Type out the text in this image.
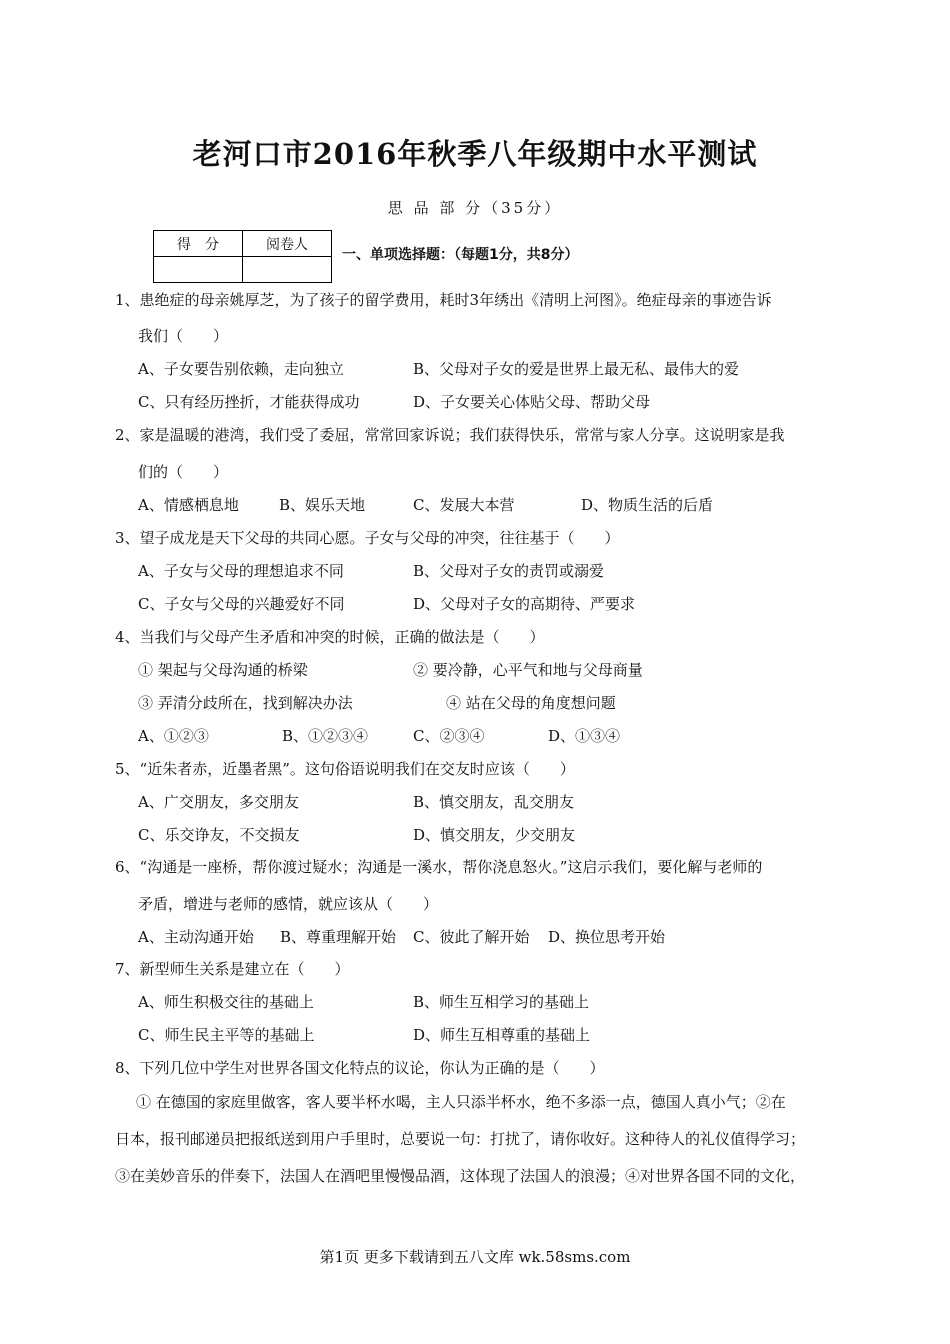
老河口市2016年秋季八年级期中水平测试
思 品 部 分（35分）
得　分	阅卷人

一、单项选择题：（每题1分，共8分）
1、患绝症的母亲姚厚芝，为了孩子的留学费用，耗时3年绣出《清明上河图》。绝症母亲的事迹告诉
我们（　　）
A、子女要告别依赖，走向独立	B、父母对子女的爱是世界上最无私、最伟大的爱
C、只有经历挫折，才能获得成功	D、子女要关心体贴父母、帮助父母
2、家是温暖的港湾，我们受了委屈，常常回家诉说；我们获得快乐，常常与家人分享。这说明家是我
们的（　　）
A、情感栖息地	B、娱乐天地	C、发展大本营	D、物质生活的后盾
3、望子成龙是天下父母的共同心愿。子女与父母的冲突，往往基于（　　）
A、子女与父母的理想追求不同	B、父母对子女的责罚或溺爱
C、子女与父母的兴趣爱好不同	D、父母对子女的高期待、严要求
4、当我们与父母产生矛盾和冲突的时候，正确的做法是（　　）
① 架起与父母沟通的桥梁	② 要冷静，心平气和地与父母商量
③ 弄清分歧所在，找到解决办法	④ 站在父母的角度想问题
A、①②③	B、①②③④	C、②③④	D、①③④
5、“近朱者赤，近墨者黑”。这句俗语说明我们在交友时应该（　　）
A、广交朋友，多交朋友	B、慎交朋友，乱交朋友
C、乐交诤友，不交损友	D、慎交朋友，少交朋友
6、“沟通是一座桥，帮你渡过疑水；沟通是一溪水，帮你浇息怒火。”这启示我们，要化解与老师的
矛盾，增进与老师的感情，就应该从（　　）
A、主动沟通开始 B、尊重理解开始 C、彼此了解开始 D、换位思考开始
7、新型师生关系是建立在（　　）
A、师生积极交往的基础上	B、师生互相学习的基础上
C、师生民主平等的基础上	D、师生互相尊重的基础上
8、下列几位中学生对世界各国文化特点的议论，你认为正确的是（　　）
① 在德国的家庭里做客，客人要半杯水喝，主人只添半杯水，绝不多添一点，德国人真小气；②在
日本，报刊邮递员把报纸送到用户手里时，总要说一句：打扰了，请你收好。这种待人的礼仪值得学习；
③在美妙音乐的伴奏下，法国人在酒吧里慢慢品酒，这体现了法国人的浪漫；④对世界各国不同的文化，
第1页 更多下载请到五八文库 wk.58sms.com
